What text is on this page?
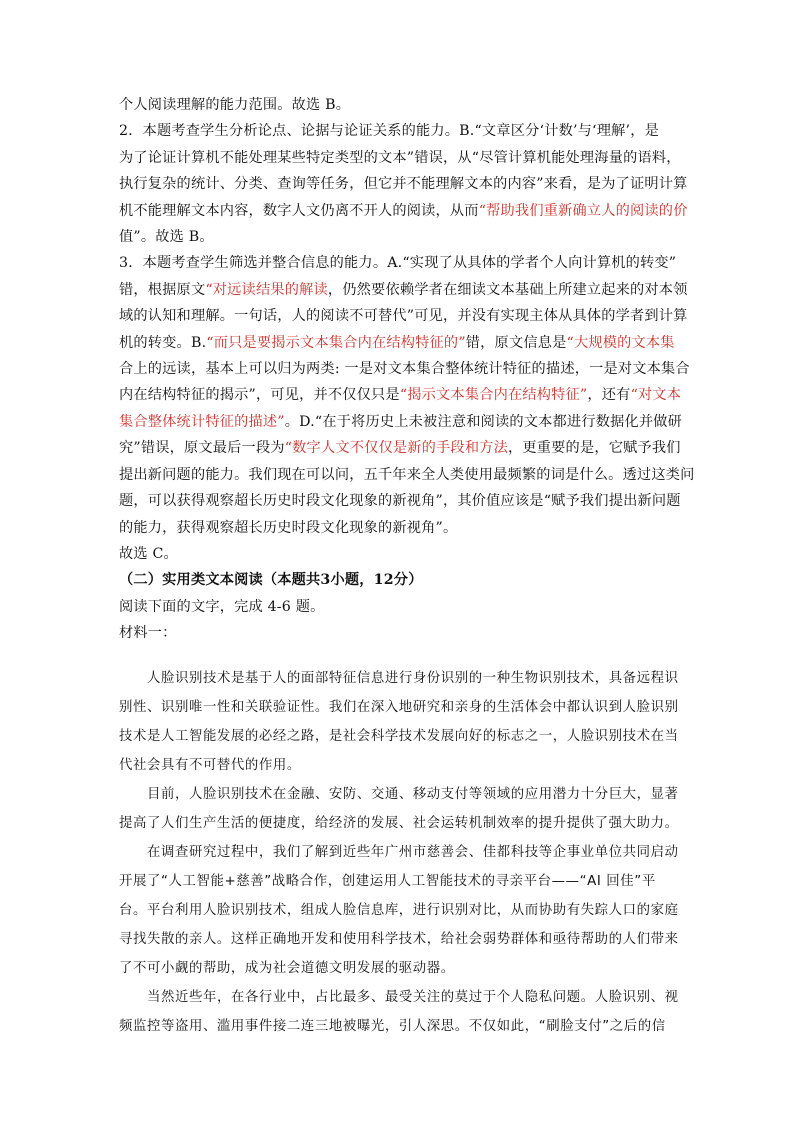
个人阅读理解的能力范围。故选 B。
2．本题考查学生分析论点、论据与论证关系的能力。B.“文章区分‘计数’与‘理解’，是
为了论证计算机不能处理某些特定类型的文本”错误，从“尽管计算机能处理海量的语料，
执行复杂的统计、分类、查询等任务，但它并不能理解文本的内容”来看，是为了证明计算
机不能理解文本内容，数字人文仍离不开人的阅读，从而“帮助我们重新确立人的阅读的价
值”。故选 B。
3．本题考查学生筛选并整合信息的能力。A.“实现了从具体的学者个人向计算机的转变”
错，根据原文“对远读结果的解读，仍然要依赖学者在细读文本基础上所建立起来的对本领
域的认知和理解。一句话，人的阅读不可替代”可见，并没有实现主体从具体的学者到计算
机的转变。B.“而只是要揭示文本集合内在结构特征的”错，原文信息是“大规模的文本集
合上的远读，基本上可以归为两类: 一是对文本集合整体统计特征的描述，一是对文本集合
内在结构特征的揭示”，可见，并不仅仅只是“揭示文本集合内在结构特征”，还有“对文本
集合整体统计特征的描述”。D.“在于将历史上未被注意和阅读的文本都进行数据化并做研
究”错误，原文最后一段为“数字人文不仅仅是新的手段和方法，更重要的是，它赋予我们
提出新问题的能力。我们现在可以问，五千年来全人类使用最频繁的词是什么。透过这类问
题，可以获得观察超长历史时段文化现象的新视角”，其价值应该是“赋予我们提出新问题
的能力，获得观察超长历史时段文化现象的新视角”。
故选 C。
（二）实用类文本阅读（本题共3小题，12分）
阅读下面的文字，完成 4-6 题。
材料一：
人脸识别技术是基于人的面部特征信息进行身份识别的一种生物识别技术，具备远程识
别性、识别唯一性和关联验证性。我们在深入地研究和亲身的生活体会中都认识到人脸识别
技术是人工智能发展的必经之路，是社会科学技术发展向好的标志之一，人脸识别技术在当
代社会具有不可替代的作用。
目前，人脸识别技术在金融、安防、交通、移动支付等领域的应用潜力十分巨大，显著
提高了人们生产生活的便捷度，给经济的发展、社会运转机制效率的提升提供了强大助力。
在调查研究过程中，我们了解到近些年广州市慈善会、佳都科技等企事业单位共同启动
开展了“人工智能+慈善”战略合作，创建运用人工智能技术的寻亲平台——“AI 回佳”平
台。平台利用人脸识别技术，组成人脸信息库，进行识别对比，从而协助有失踪人口的家庭
寻找失散的亲人。这样正确地开发和使用科学技术，给社会弱势群体和亟待帮助的人们带来
了不可小觑的帮助，成为社会道德文明发展的驱动器。
当然近些年，在各行业中，占比最多、最受关注的莫过于个人隐私问题。人脸识别、视
频监控等盗用、滥用事件接二连三地被曝光，引人深思。不仅如此，“刷脸支付”之后的信
